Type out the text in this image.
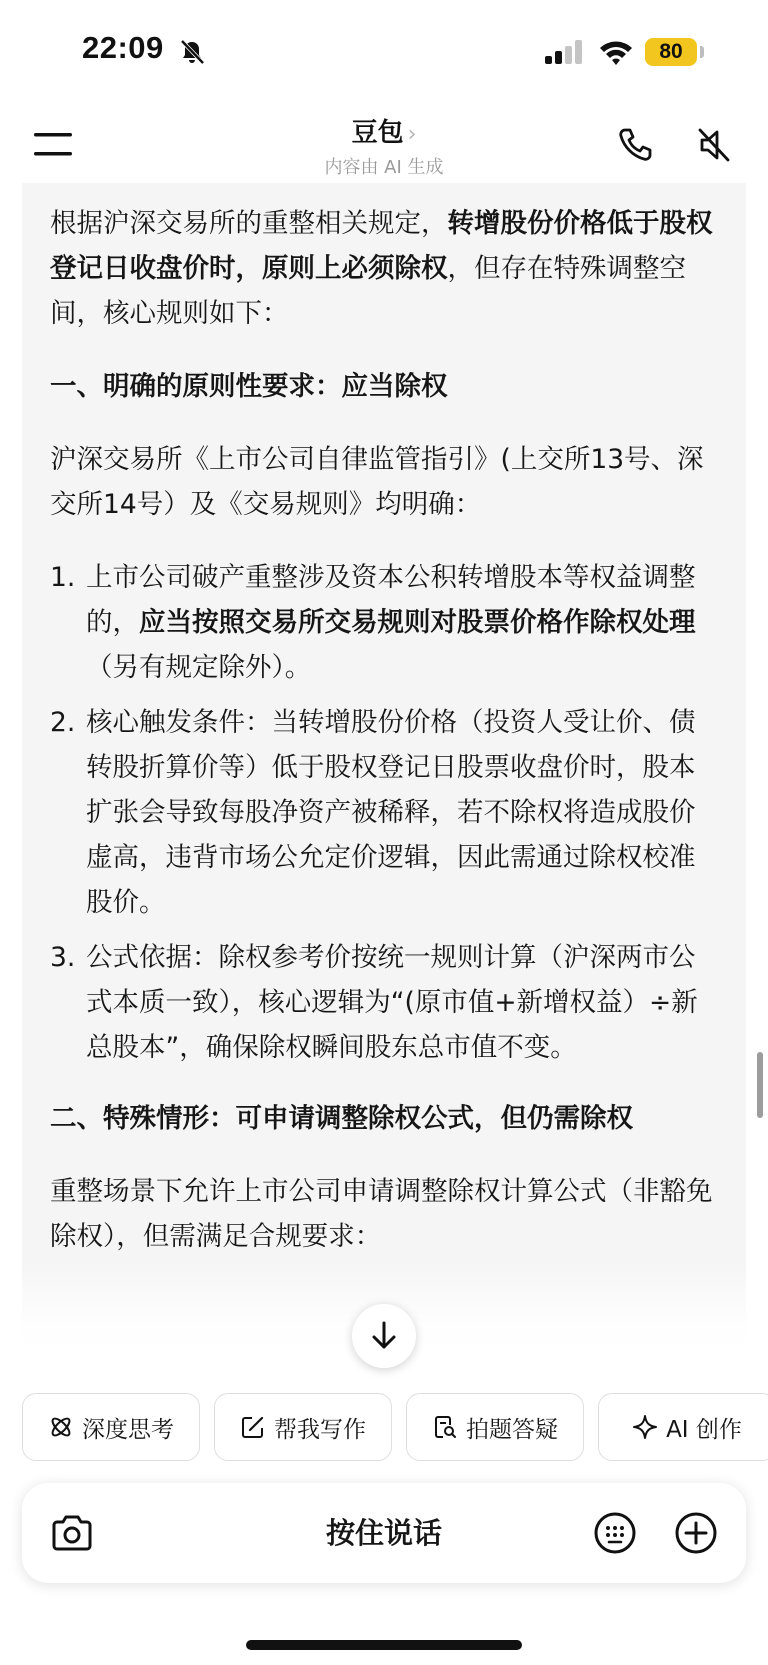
22:09	80
豆包 ›
内容由 AI 生成

根据沪深交易所的重整相关规定，转增股份价格低于股权登记日收盘价时，原则上必须除权，但存在特殊调整空间，核心规则如下：

一、明确的原则性要求：应当除权

沪深交易所《上市公司自律监管指引》(上交所13号、深交所14号）及《交易规则》均明确：

1. 上市公司破产重整涉及资本公积转增股本等权益调整的，应当按照交易所交易规则对股票价格作除权处理（另有规定除外）。
2. 核心触发条件：当转增股份价格（投资人受让价、债转股折算价等）低于股权登记日股票收盘价时，股本扩张会导致每股净资产被稀释，若不除权将造成股价虚高，违背市场公允定价逻辑，因此需通过除权校准股价。
3. 公式依据：除权参考价按统一规则计算（沪深两市公式本质一致），核心逻辑为“(原市值+新增权益）÷新总股本”，确保除权瞬间股东总市值不变。
二、特殊情形：可申请调整除权公式，但仍需除权

重整场景下允许上市公司申请调整除权计算公式（非豁免除权），但需满足合规要求：

深度思考	帮我写作	拍题答疑	AI 创作
按住说话
